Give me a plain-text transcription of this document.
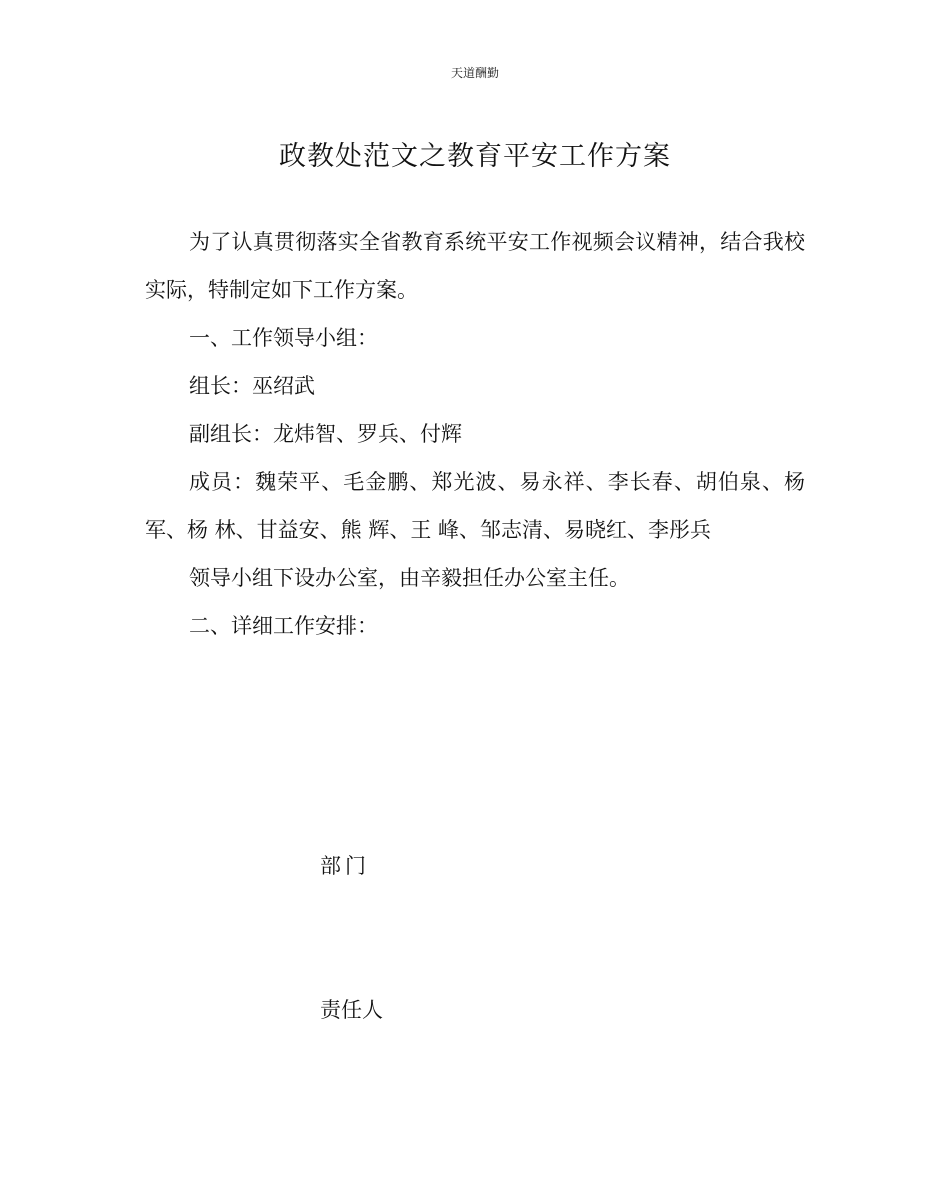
天道酬勤
政教处范文之教育平安工作方案

为了认真贯彻落实全省教育系统平安工作视频会议精神，结合我校实际，特制定如下工作方案。

一、工作领导小组：

组长：巫绍武

副组长：龙炜智、罗兵、付辉

成员：魏荣平、毛金鹏、郑光波、易永祥、李长春、胡伯泉、杨军、杨 林、甘益安、熊 辉、王 峰、邹志清、易晓红、李彤兵

领导小组下设办公室，由辛毅担任办公室主任。

二、详细工作安排：

部门
责任人
